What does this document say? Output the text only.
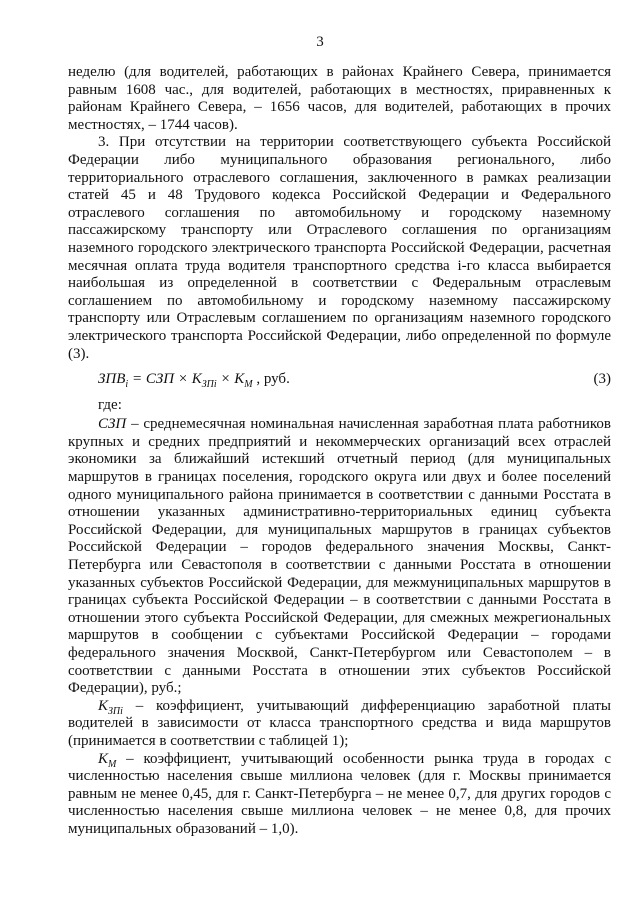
3

неделю (для водителей, работающих в районах Крайнего Севера, принимается равным 1608 час., для водителей, работающих в местностях, приравненных к районам Крайнего Севера, – 1656 часов, для водителей, работающих в прочих местностях, – 1744 часов).

3. При отсутствии на территории соответствующего субъекта Российской Федерации либо муниципального образования регионального, либо территориального отраслевого соглашения, заключенного в рамках реализации статей 45 и 48 Трудового кодекса Российской Федерации и Федерального отраслевого соглашения по автомобильному и городскому наземному пассажирскому транспорту или Отраслевого соглашения по организациям наземного городского электрического транспорта Российской Федерации, расчетная месячная оплата труда водителя транспортного средства i-го класса выбирается наибольшая из определенной в соответствии с Федеральным отраслевым соглашением по автомобильному и городскому наземному пассажирскому транспорту или Отраслевым соглашением по организациям наземного городского электрического транспорта Российской Федерации, либо определенной по формуле (3).

$ЗПВ_i$ = СЗП × $К_{ЗПi} \times К_М$ , руб.	(3)
где:

СЗП – среднемесячная номинальная начисленная заработная плата работников крупных и средних предприятий и некоммерческих организаций всех отраслей экономики за ближайший истекший отчетный период (для муниципальных маршрутов в границах поселения, городского округа или двух и более поселений одного муниципального района принимается в соответствии с данными Росстата в отношении указанных административно-территориальных единиц субъекта Российской Федерации, для муниципальных маршрутов в границах субъектов Российской Федерации – городов федерального значения Москвы, Санкт-Петербурга или Севастополя в соответствии с данными Росстата в отношении указанных субъектов Российской Федерации, для межмуниципальных маршрутов в границах субъекта Российской Федерации – в соответствии с данными Росстата в отношении этого субъекта Российской Федерации, для смежных межрегиональных маршрутов в сообщении с субъектами Российской Федерации – городами федерального значения Москвой, Санкт-Петербургом или Севастополем – в соответствии с данными Росстата в отношении этих субъектов Российской Федерации), руб.;

$К_{ЗПi}$ – коэффициент, учитывающий дифференциацию заработной платы водителей в зависимости от класса транспортного средства и вида маршрутов (принимается в соответствии с таблицей 1);

$К_М$ – коэффициент, учитывающий особенности рынка труда в городах с численностью населения свыше миллиона человек (для г. Москвы принимается равным не менее 0,45, для г. Санкт-Петербурга – не менее 0,7, для других городов с численностью населения свыше миллиона человек – не менее 0,8, для прочих муниципальных образований – 1,0).
